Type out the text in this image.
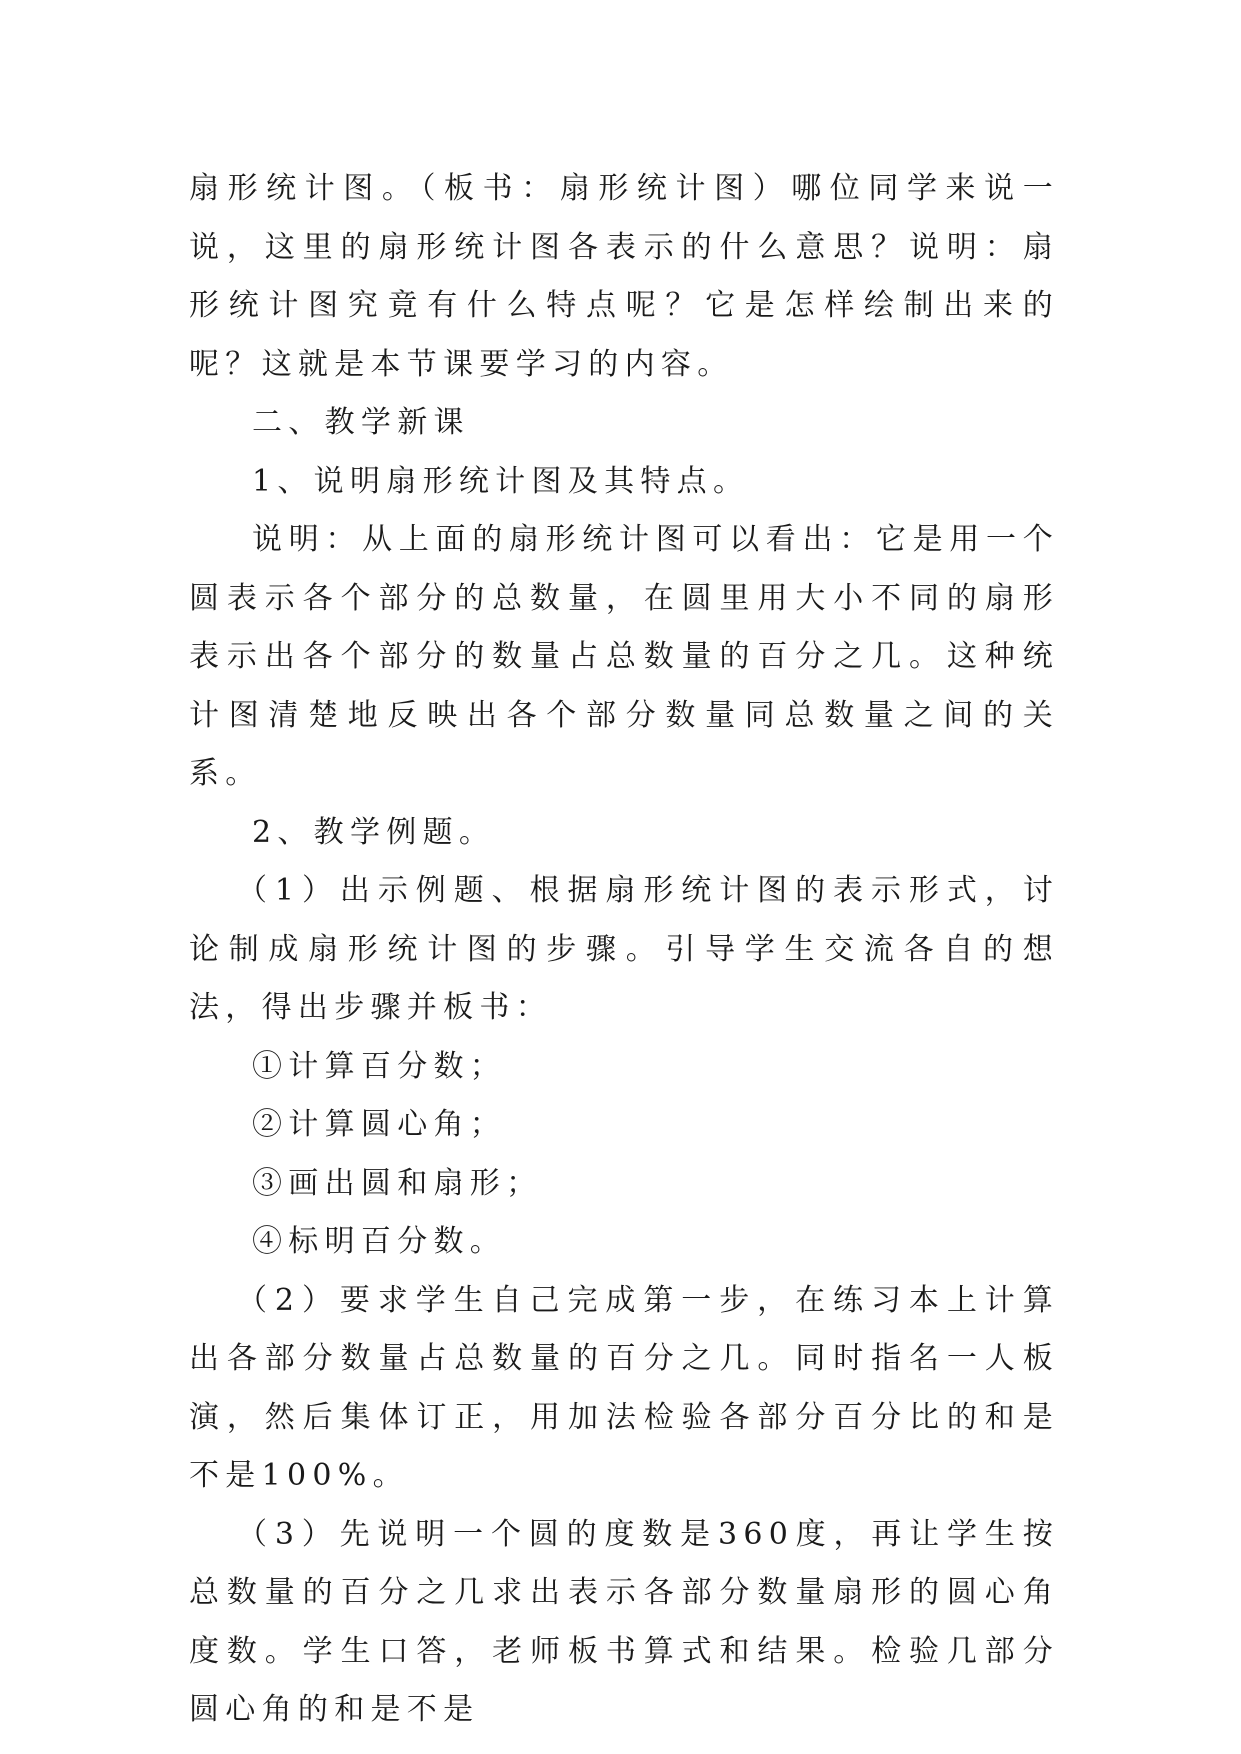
扇形统计图。（板书：扇形统计图）哪位同学来说一说，这里的扇形统计图各表示的什么意思？说明：扇形统计图究竟有什么特点呢？它是怎样绘制出来的呢？这就是本节课要学习的内容。

二、教学新课

1、说明扇形统计图及其特点。

说明：从上面的扇形统计图可以看出：它是用一个圆表示各个部分的总数量，在圆里用大小不同的扇形表示出各个部分的数量占总数量的百分之几。这种统计图清楚地反映出各个部分数量同总数量之间的关系。

2、教学例题。

（1）出示例题、根据扇形统计图的表示形式，讨论制成扇形统计图的步骤。引导学生交流各自的想法，得出步骤并板书：

①计算百分数；

②计算圆心角；

③画出圆和扇形；

④标明百分数。

（2）要求学生自己完成第一步，在练习本上计算出各部分数量占总数量的百分之几。同时指名一人板演，然后集体订正，用加法检验各部分百分比的和是不是100%。

（3）先说明一个圆的度数是360度，再让学生按总数量的百分之几求出表示各部分数量扇形的圆心角度数。学生口答，老师板书算式和结果。检验几部分圆心角的和是不是
